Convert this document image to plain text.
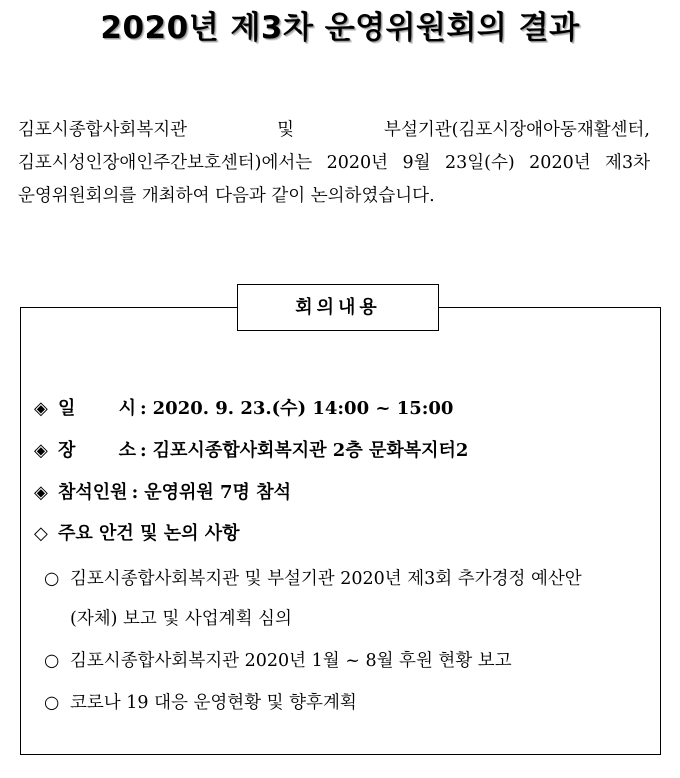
2020년 제3차 운영위원회의 결과
김포시종합사회복지관 및 부설기관(김포시장애아동재활센터, 김포시성인장애인주간보호센터)에서는 2020년 9월 23일(수) 2020년 제3차 운영위원회의를 개최하여 다음과 같이 논의하였습니다.
회의내용
◈ 일 시 : 2020. 9. 23.(수) 14:00 ~ 15:00
◈ 장 소 : 김포시종합사회복지관 2층 문화복지터2
◈ 참석인원 : 운영위원 7명 참석
◇ 주요 안건 및 논의 사항
○ 김포시종합사회복지관 및 부설기관 2020년 제3회 추가경정 예산안
(자체) 보고 및 사업계획 심의
○ 김포시종합사회복지관 2020년 1월 ~ 8월 후원 현황 보고
○ 코로나 19 대응 운영현황 및 향후계획
